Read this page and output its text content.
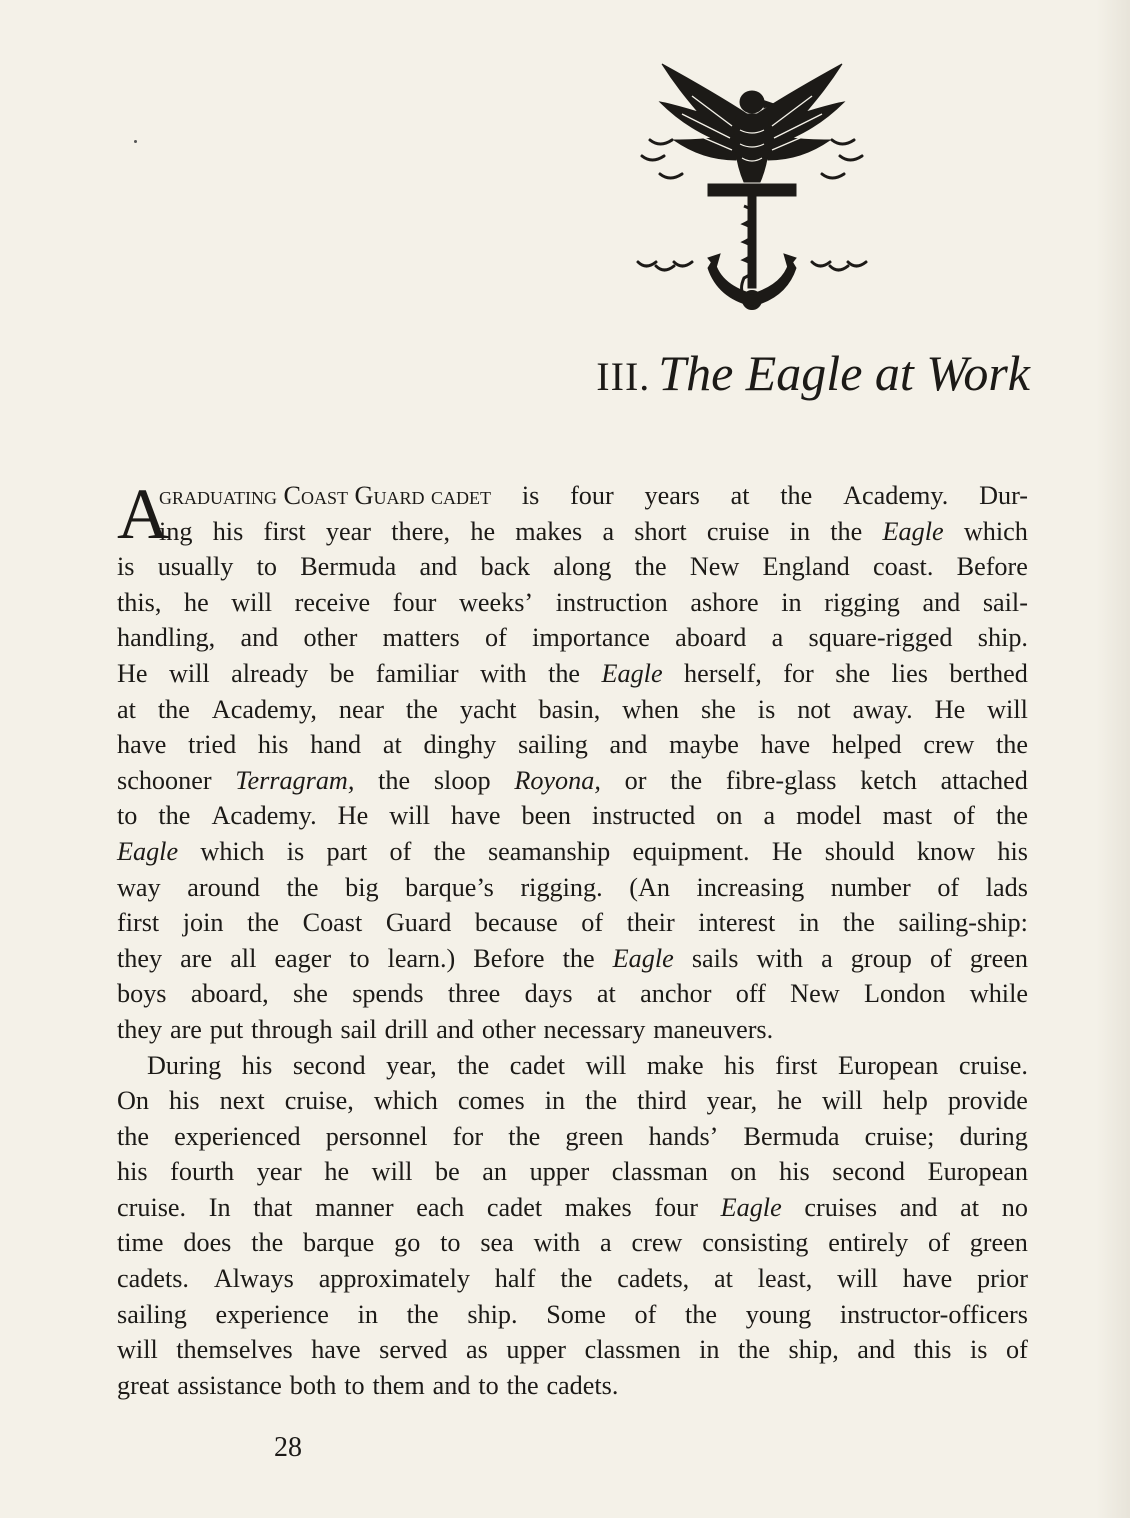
III. The Eagle at Work
A
graduating Coast Guard cadet is four years at the Academy. Dur-
ing his first year there, he makes a short cruise in the Eagle which
is usually to Bermuda and back along the New England coast. Before
this, he will receive four weeks’ instruction ashore in rigging and sail-
handling, and other matters of importance aboard a square-rigged ship.
He will already be familiar with the Eagle herself, for she lies berthed
at the Academy, near the yacht basin, when she is not away. He will
have tried his hand at dinghy sailing and maybe have helped crew the
schooner Terragram, the sloop Royona, or the fibre-glass ketch attached
to the Academy. He will have been instructed on a model mast of the
Eagle which is part of the seamanship equipment. He should know his
way around the big barque’s rigging. (An increasing number of lads
first join the Coast Guard because of their interest in the sailing-ship:
they are all eager to learn.) Before the Eagle sails with a group of green
boys aboard, she spends three days at anchor off New London while
they are put through sail drill and other necessary maneuvers.
During his second year, the cadet will make his first European cruise.
On his next cruise, which comes in the third year, he will help provide
the experienced personnel for the green hands’ Bermuda cruise; during
his fourth year he will be an upper classman on his second European
cruise. In that manner each cadet makes four Eagle cruises and at no
time does the barque go to sea with a crew consisting entirely of green
cadets. Always approximately half the cadets, at least, will have prior
sailing experience in the ship. Some of the young instructor-officers
will themselves have served as upper classmen in the ship, and this is of
great assistance both to them and to the cadets.
28
